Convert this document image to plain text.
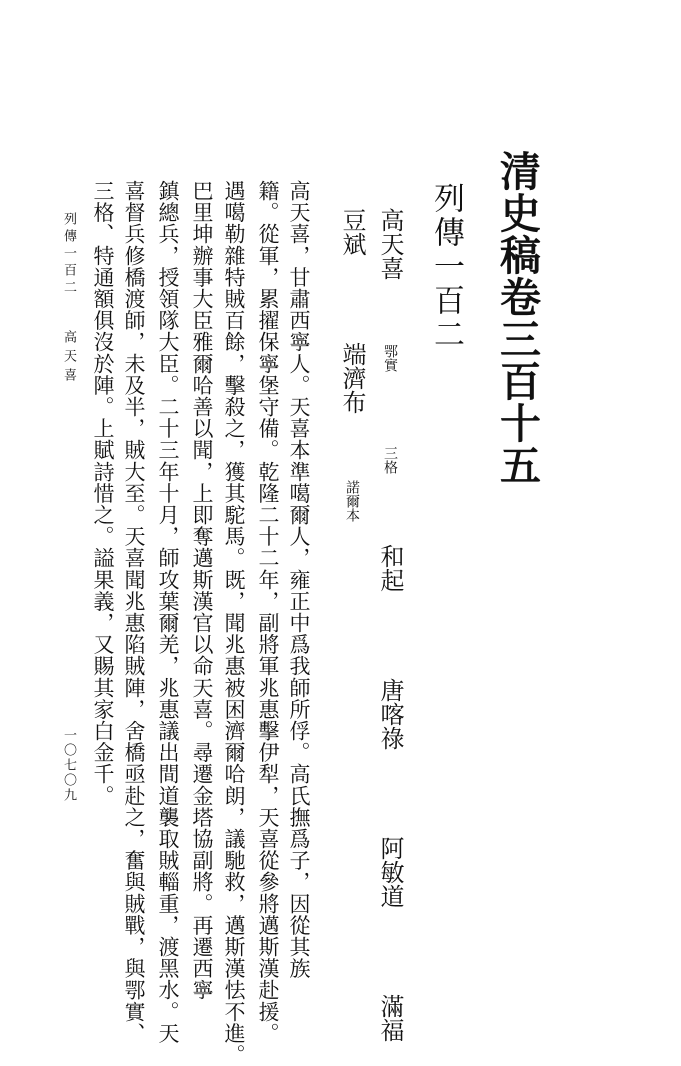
清史稿卷三百十五
列傳一百二
高天喜  鄂實  三格  和起  唐喀祿  阿敏道  滿福
豆斌  端濟布  諾爾本
高天喜，甘肅西寧人。天喜本準噶爾人，雍正中爲我師所俘。高氏撫爲子，因從其族
籍。從軍，累擢保寧堡守備。乾隆二十二年，副將軍兆惠擊伊犁，天喜從參將邁斯漢赴援。
遇噶勒雜特賊百餘，擊殺之，獲其駝馬。既，聞兆惠被困濟爾哈朗，議馳救，邁斯漢怯不進。
巴里坤辦事大臣雅爾哈善以聞，上即奪邁斯漢官以命天喜。尋遷金塔協副將。再遷西寧
鎮總兵，授領隊大臣。二十三年十月，師攻葉爾羌，兆惠議出間道襲取賊輜重，渡黑水。天
喜督兵修橋渡師，未及半，賊大至。天喜聞兆惠陷賊陣，舍橋亟赴之，奮與賊戰，與鄂實、
三格、特通額俱沒於陣。上賦詩惜之。謚果義，又賜其家白金千。
列傳一百二
高天喜
一〇七〇九
